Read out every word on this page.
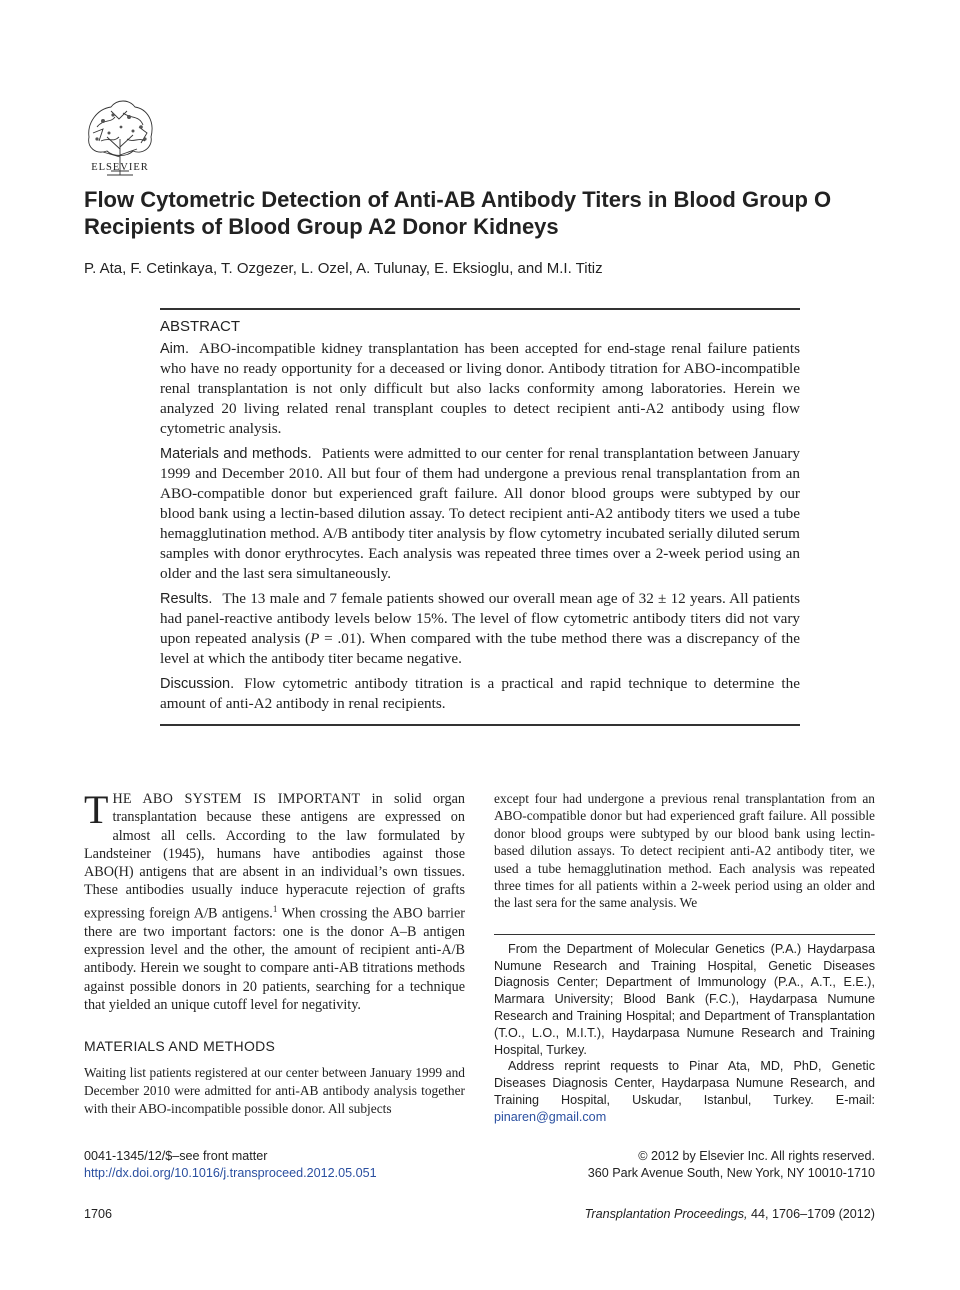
ELSEVIER
Flow Cytometric Detection of Anti-AB Antibody Titers in Blood Group O Recipients of Blood Group A2 Donor Kidneys
P. Ata, F. Cetinkaya, T. Ozgezer, L. Ozel, A. Tulunay, E. Eksioglu, and M.I. Titiz
ABSTRACT

Aim. ABO-incompatible kidney transplantation has been accepted for end-stage renal failure patients who have no ready opportunity for a deceased or living donor. Antibody titration for ABO-incompatible renal transplantation is not only difficult but also lacks conformity among laboratories. Herein we analyzed 20 living related renal transplant couples to detect recipient anti-A2 antibody using flow cytometric analysis.

Materials and methods. Patients were admitted to our center for renal transplantation between January 1999 and December 2010. All but four of them had undergone a previous renal transplantation from an ABO-compatible donor but experienced graft failure. All donor blood groups were subtyped by our blood bank using a lectin-based dilution assay. To detect recipient anti-A2 antibody titers we used a tube hemagglutination method. A/B antibody titer analysis by flow cytometry incubated serially diluted serum samples with donor erythrocytes. Each analysis was repeated three times over a 2-week period using an older and the last sera simultaneously.

Results. The 13 male and 7 female patients showed our overall mean age of 32 ± 12 years. All patients had panel-reactive antibody levels below 15%. The level of flow cytometric antibody titers did not vary upon repeated analysis (P = .01). When compared with the tube method there was a discrepancy of the level at which the antibody titer became negative.

Discussion. Flow cytometric antibody titration is a practical and rapid technique to determine the amount of anti-A2 antibody in renal recipients.

THE ABO SYSTEM IS IMPORTANT in solid organ transplantation because these antigens are expressed on almost all cells. According to the law formulated by Landsteiner (1945), humans have antibodies against those ABO(H) antigens that are absent in an individual’s own tissues. These antibodies usually induce hyperacute rejection of grafts expressing foreign A/B antigens.$^1$ When crossing the ABO barrier there are two important factors: one is the donor A–B antigen expression level and the other, the amount of recipient anti-A/B antibody. Herein we sought to compare anti-AB titrations methods against possible donors in 20 patients, searching for a technique that yielded an unique cutoff level for negativity.

MATERIALS AND METHODS

Waiting list patients registered at our center between January 1999 and December 2010 were admitted for anti-AB antibody analysis together with their ABO-incompatible possible donor. All subjects

except four had undergone a previous renal transplantation from an ABO-compatible donor but had experienced graft failure. All possible donor blood groups were subtyped by our blood bank using lectin-based dilution assays. To detect recipient anti-A2 antibody titer, we used a tube hemagglutination method. Each analysis was repeated three times for all patients within a 2-week period using an older and the last sera for the same analysis. We

From the Department of Molecular Genetics (P.A.) Haydarpasa Numune Research and Training Hospital, Genetic Diseases Diagnosis Center; Department of Immunology (P.A., A.T., E.E.), Marmara University; Blood Bank (F.C.), Haydarpasa Numune Research and Training Hospital; and Department of Transplantation (T.O., L.O., M.I.T.), Haydarpasa Numune Research and Training Hospital, Turkey.

Address reprint requests to Pinar Ata, MD, PhD, Genetic Diseases Diagnosis Center, Haydarpasa Numune Research, and Training Hospital, Uskudar, Istanbul, Turkey. E-mail: pinaren@gmail.com

0041-1345/12/$–see front matter
http://dx.doi.org/10.1016/j.transproceed.2012.05.051
© 2012 by Elsevier Inc. All rights reserved.
360 Park Avenue South, New York, NY 10010-1710
1706	Transplantation Proceedings, 44, 1706–1709 (2012)
